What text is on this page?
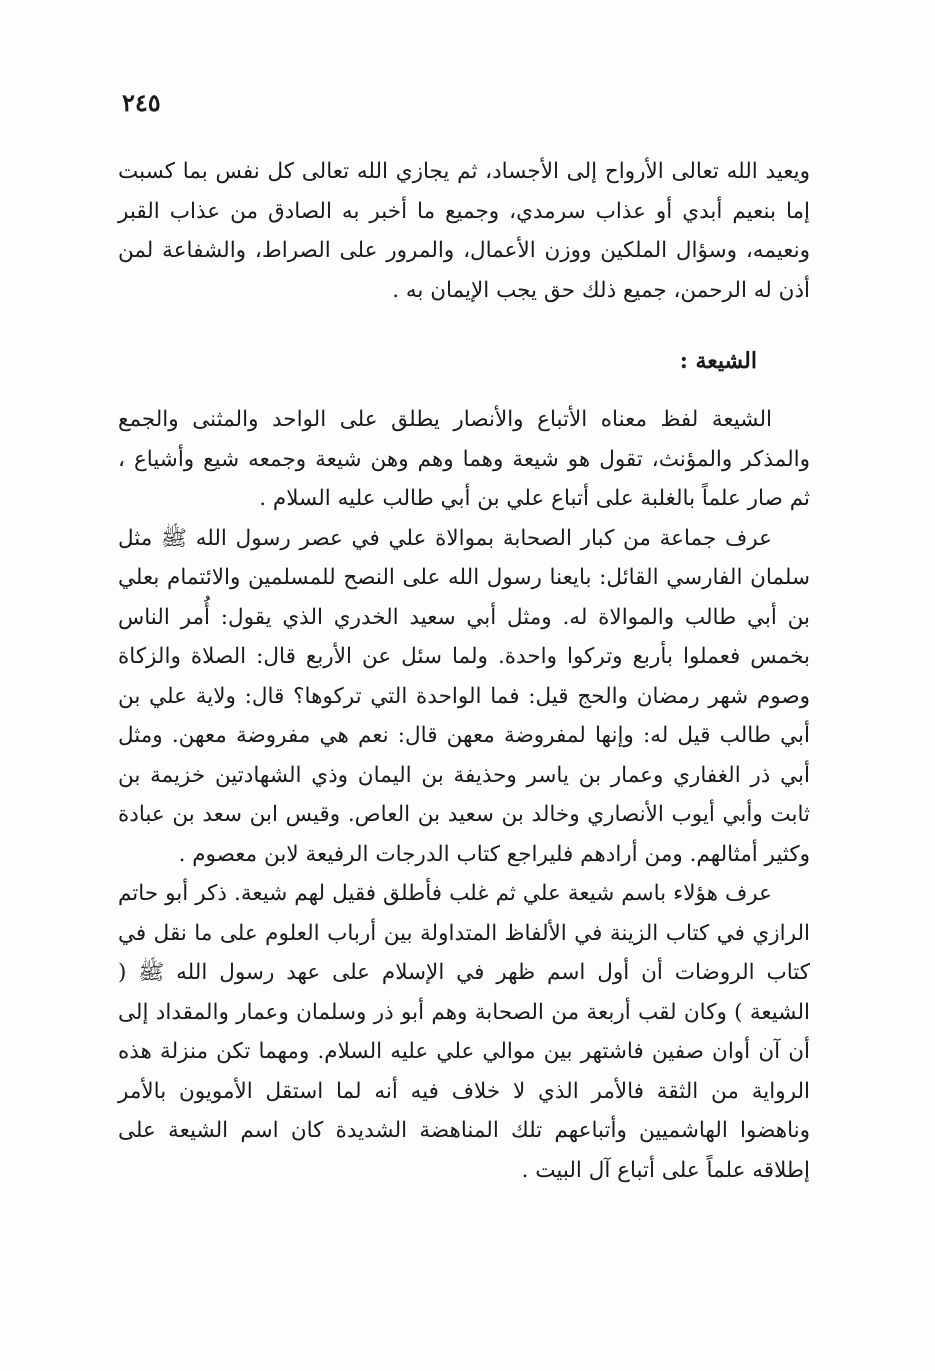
٢٤٥

ويعيد الله تعالى الأرواح إلى الأجساد، ثم يجازي الله تعالى كل نفس بما كسبت إما بنعيم أبدي أو عذاب سرمدي، وجميع ما أخبر به الصادق من عذاب القبر ونعيمه، وسؤال الملكين ووزن الأعمال، والمرور على الصراط، والشفاعة لمن أذن له الرحمن، جميع ذلك حق يجب الإيمان به .

الشيعة :

الشيعة لفظ معناه الأتباع والأنصار يطلق على الواحد والمثنى والجمع والمذكر والمؤنث، تقول هو شيعة وهما وهم وهن شيعة وجمعه شيع وأشياع ، ثم صار علماً بالغلبة على أتباع علي بن أبي طالب عليه السلام .

عرف جماعة من كبار الصحابة بموالاة علي في عصر رسول الله ﷺ مثل سلمان الفارسي القائل: بايعنا رسول الله على النصح للمسلمين والائتمام بعلي بن أبي طالب والموالاة له. ومثل أبي سعيد الخدري الذي يقول: أُمر الناس بخمس فعملوا بأربع وتركوا واحدة. ولما سئل عن الأربع قال: الصلاة والزكاة وصوم شهر رمضان والحج قيل: فما الواحدة التي تركوها؟ قال: ولاية علي بن أبي طالب قيل له: وإنها لمفروضة معهن قال: نعم هي مفروضة معهن. ومثل أبي ذر الغفاري وعمار بن ياسر وحذيفة بن اليمان وذي الشهادتين خزيمة بن ثابت وأبي أيوب الأنصاري وخالد بن سعيد بن العاص. وقيس ابن سعد بن عبادة وكثير أمثالهم. ومن أرادهم فليراجع كتاب الدرجات الرفيعة لابن معصوم .

عرف هؤلاء باسم شيعة علي ثم غلب فأطلق فقيل لهم شيعة. ذكر أبو حاتم الرازي في كتاب الزينة في الألفاظ المتداولة بين أرباب العلوم على ما نقل في كتاب الروضات أن أول اسم ظهر في الإسلام على عهد رسول الله ﷺ ( الشيعة ) وكان لقب أربعة من الصحابة وهم أبو ذر وسلمان وعمار والمقداد إلى أن آن أوان صفين فاشتهر بين موالي علي عليه السلام. ومهما تكن منزلة هذه الرواية من الثقة فالأمر الذي لا خلاف فيه أنه لما استقل الأمويون بالأمر وناهضوا الهاشميين وأتباعهم تلك المناهضة الشديدة كان اسم الشيعة على إطلاقه علماً على أتباع آل البيت .
